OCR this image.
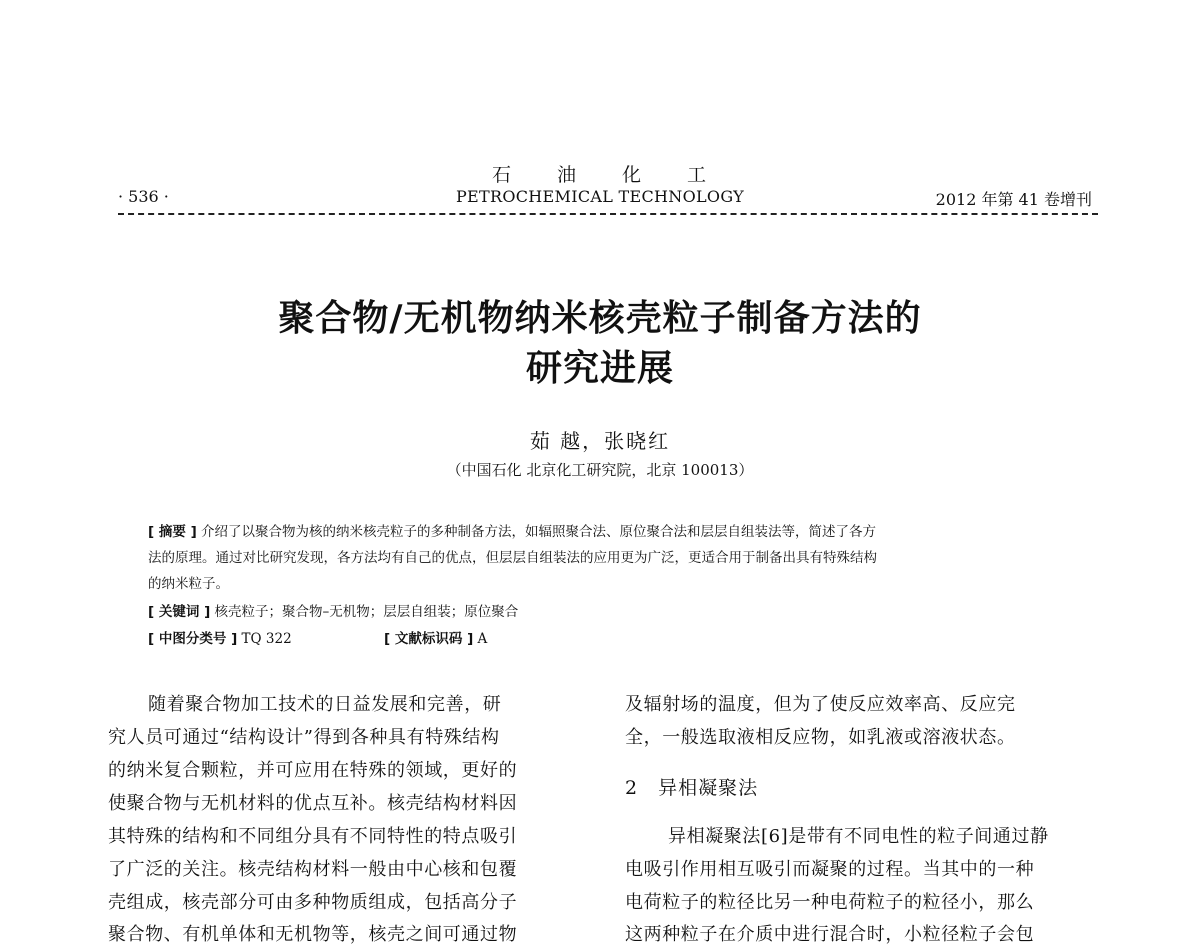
石 油 化 工
· 536 ·	PETROCHEMICAL TECHNOLOGY	2012 年第 41 卷增刊
聚合物/无机物纳米核壳粒子制备方法的
研究进展
茹 越，张晓红
（中国石化 北京化工研究院，北京 100013）
[ 摘要 ] 介绍了以聚合物为核的纳米核壳粒子的多种制备方法，如辐照聚合法、原位聚合法和层层自组装法等，简述了各方
法的原理。通过对比研究发现，各方法均有自己的优点，但层层自组装法的应用更为广泛，更适合用于制备出具有特殊结构
的纳米粒子。
[ 关键词 ] 核壳粒子；聚合物–无机物；层层自组装；原位聚合
[ 中图分类号 ] TQ 322	[ 文献标识码 ] A
随着聚合物加工技术的日益发展和完善，研
究人员可通过“结构设计”得到各种具有特殊结构
的纳米复合颗粒，并可应用在特殊的领域，更好的
使聚合物与无机材料的优点互补。核壳结构材料因
其特殊的结构和不同组分具有不同特性的特点吸引
了广泛的关注。核壳结构材料一般由中心核和包覆
壳组成，核壳部分可由多种物质组成，包括高分子
聚合物、有机单体和无机物等，核壳之间可通过物
及辐射场的温度，但为了使反应效率高、反应完
全，一般选取液相反应物，如乳液或溶液状态。
2　异相凝聚法
异相凝聚法[6]是带有不同电性的粒子间通过静
电吸引作用相互吸引而凝聚的过程。当其中的一种
电荷粒子的粒径比另一种电荷粒子的粒径小，那么
这两种粒子在介质中进行混合时，小粒径粒子会包
